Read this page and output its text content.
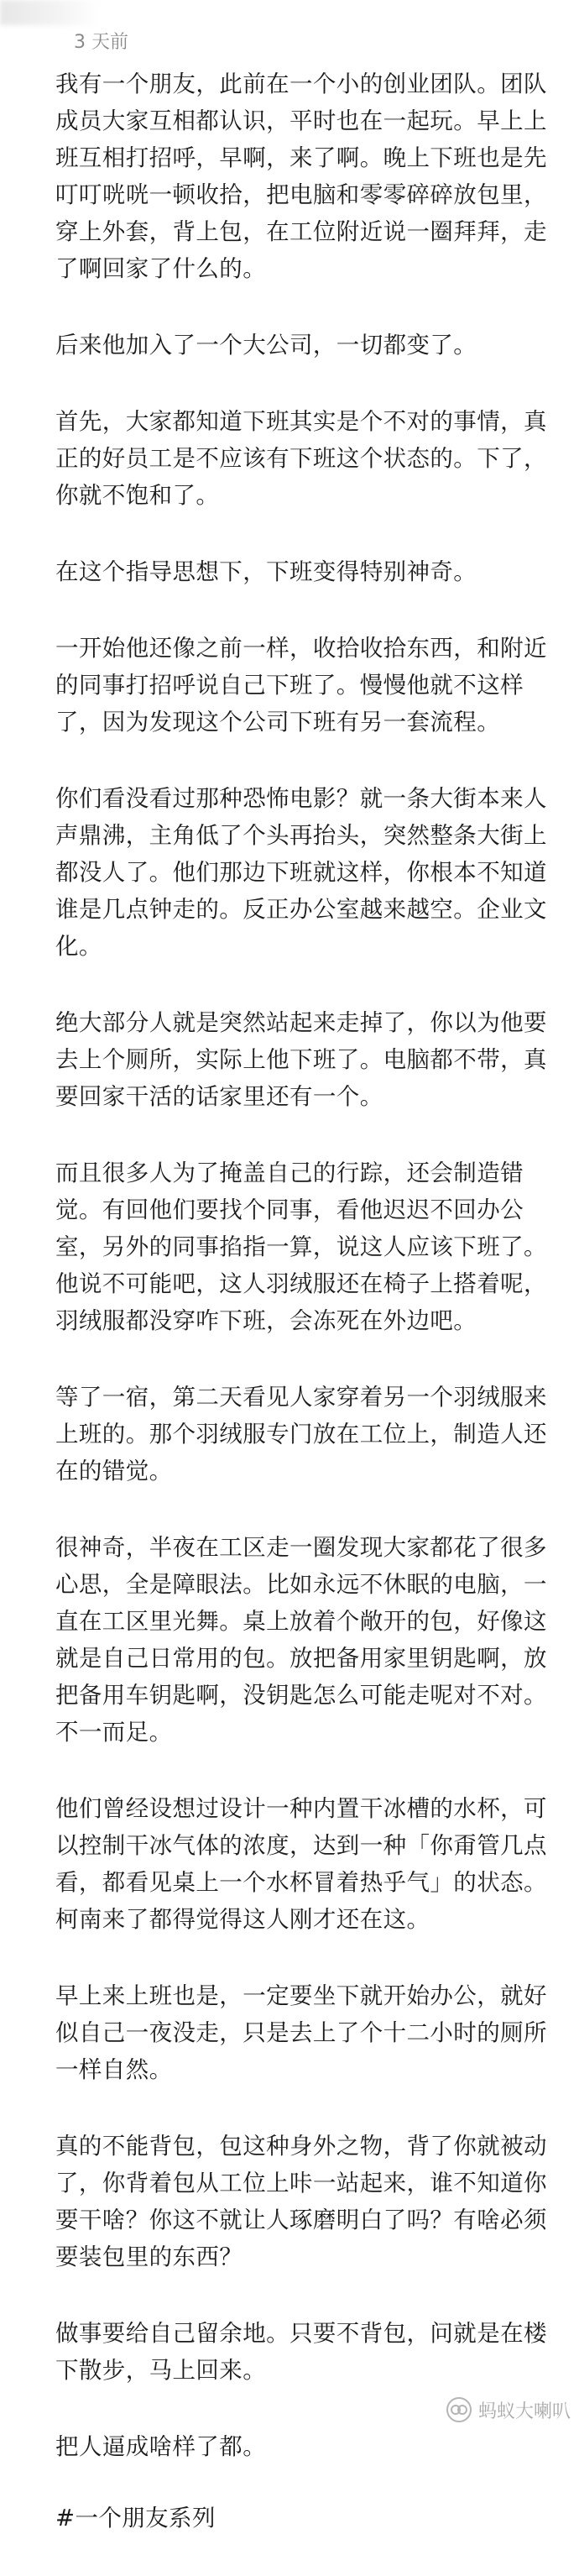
3 天前

我有一个朋友，此前在一个小的创业团队。团队成员大家互相都认识，平时也在一起玩。早上上班互相打招呼，早啊，来了啊。晚上下班也是先叮叮咣咣一顿收拾，把电脑和零零碎碎放包里，穿上外套，背上包，在工位附近说一圈拜拜，走了啊回家了什么的。

后来他加入了一个大公司，一切都变了。

首先，大家都知道下班其实是个不对的事情，真正的好员工是不应该有下班这个状态的。下了，你就不饱和了。

在这个指导思想下，下班变得特别神奇。

一开始他还像之前一样，收拾收拾东西，和附近的同事打招呼说自己下班了。慢慢他就不这样了，因为发现这个公司下班有另一套流程。

你们看没看过那种恐怖电影？就一条大街本来人声鼎沸，主角低了个头再抬头，突然整条大街上都没人了。他们那边下班就这样，你根本不知道谁是几点钟走的。反正办公室越来越空。企业文化。

绝大部分人就是突然站起来走掉了，你以为他要去上个厕所，实际上他下班了。电脑都不带，真要回家干活的话家里还有一个。

而且很多人为了掩盖自己的行踪，还会制造错觉。有回他们要找个同事，看他迟迟不回办公室，另外的同事掐指一算，说这人应该下班了。他说不可能吧，这人羽绒服还在椅子上搭着呢，羽绒服都没穿咋下班，会冻死在外边吧。

等了一宿，第二天看见人家穿着另一个羽绒服来上班的。那个羽绒服专门放在工位上，制造人还在的错觉。

很神奇，半夜在工区走一圈发现大家都花了很多心思，全是障眼法。比如永远不休眠的电脑，一直在工区里光舞。桌上放着个敞开的包，好像这就是自己日常用的包。放把备用家里钥匙啊，放把备用车钥匙啊，没钥匙怎么可能走呢对不对。不一而足。

他们曾经设想过设计一种内置干冰槽的水杯，可以控制干冰气体的浓度，达到一种「你甭管几点看，都看见桌上一个水杯冒着热乎气」的状态。柯南来了都得觉得这人刚才还在这。

早上来上班也是，一定要坐下就开始办公，就好似自己一夜没走，只是去上了个十二小时的厕所一样自然。

真的不能背包，包这种身外之物，背了你就被动了，你背着包从工位上咔一站起来，谁不知道你要干啥？你这不就让人琢磨明白了吗？有啥必须要装包里的东西？

做事要给自己留余地。只要不背包，问就是在楼下散步，马上回来。

把人逼成啥样了都。

#一个朋友系列

蚂蚁大喇叭
